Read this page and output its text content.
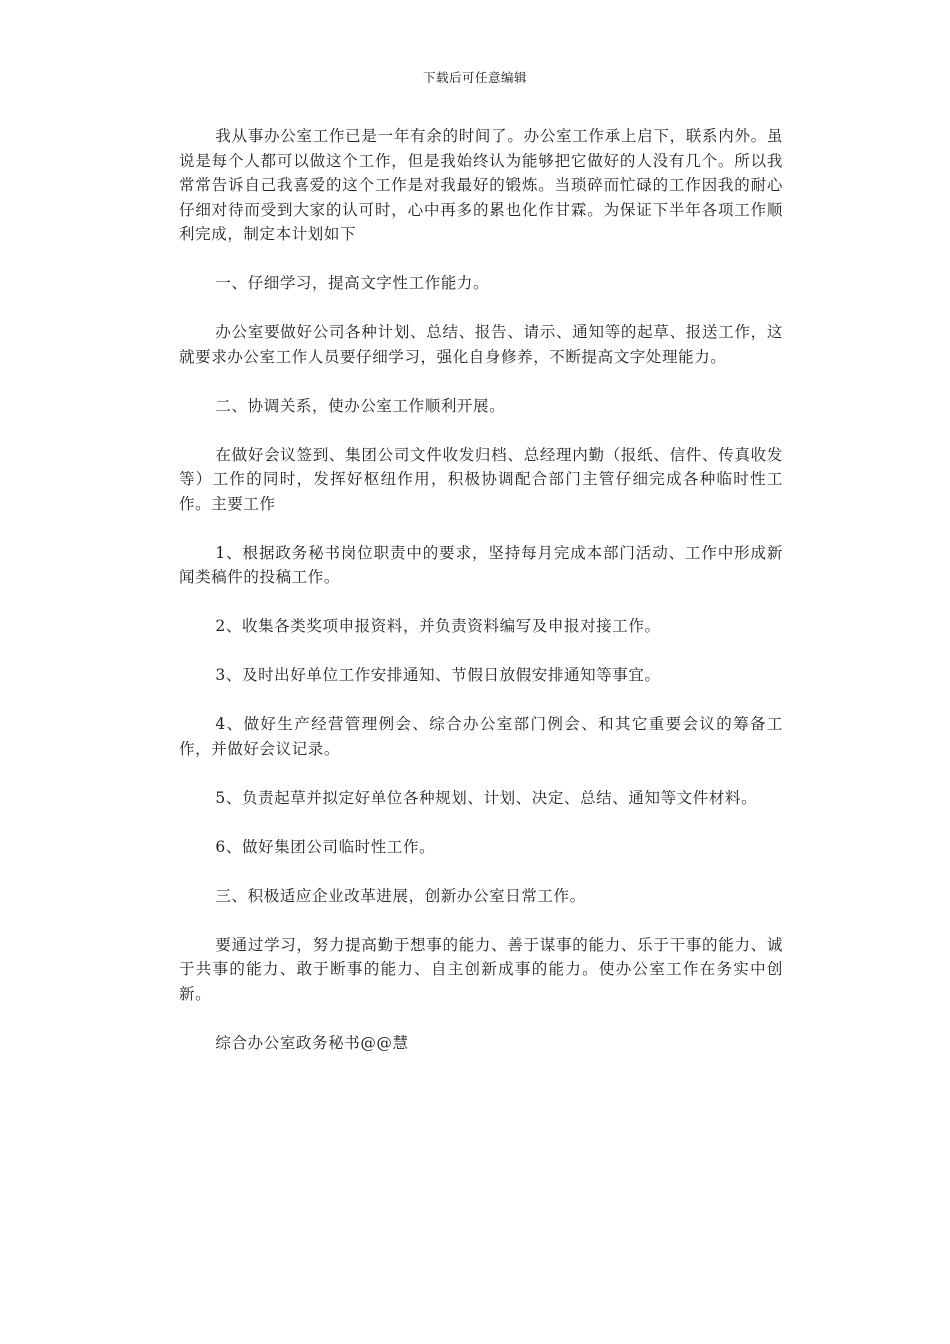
下载后可任意编辑

我从事办公室工作已是一年有余的时间了。办公室工作承上启下，联系内外。虽说是每个人都可以做这个工作，但是我始终认为能够把它做好的人没有几个。所以我常常告诉自己我喜爱的这个工作是对我最好的锻炼。当琐碎而忙碌的工作因我的耐心仔细对待而受到大家的认可时，心中再多的累也化作甘霖。为保证下半年各项工作顺利完成，制定本计划如下

一、仔细学习，提高文字性工作能力。

办公室要做好公司各种计划、总结、报告、请示、通知等的起草、报送工作，这就要求办公室工作人员要仔细学习，强化自身修养，不断提高文字处理能力。

二、协调关系，使办公室工作顺利开展。

在做好会议签到、集团公司文件收发归档、总经理内勤（报纸、信件、传真收发等）工作的同时，发挥好枢纽作用，积极协调配合部门主管仔细完成各种临时性工作。主要工作

1、根据政务秘书岗位职责中的要求，坚持每月完成本部门活动、工作中形成新闻类稿件的投稿工作。

2、收集各类奖项申报资料，并负责资料编写及申报对接工作。

3、及时出好单位工作安排通知、节假日放假安排通知等事宜。

4、做好生产经营管理例会、综合办公室部门例会、和其它重要会议的筹备工作，并做好会议记录。

5、负责起草并拟定好单位各种规划、计划、决定、总结、通知等文件材料。

6、做好集团公司临时性工作。

三、积极适应企业改革进展，创新办公室日常工作。

要通过学习，努力提高勤于想事的能力、善于谋事的能力、乐于干事的能力、诚于共事的能力、敢于断事的能力、自主创新成事的能力。使办公室工作在务实中创新。

综合办公室政务秘书@@慧
